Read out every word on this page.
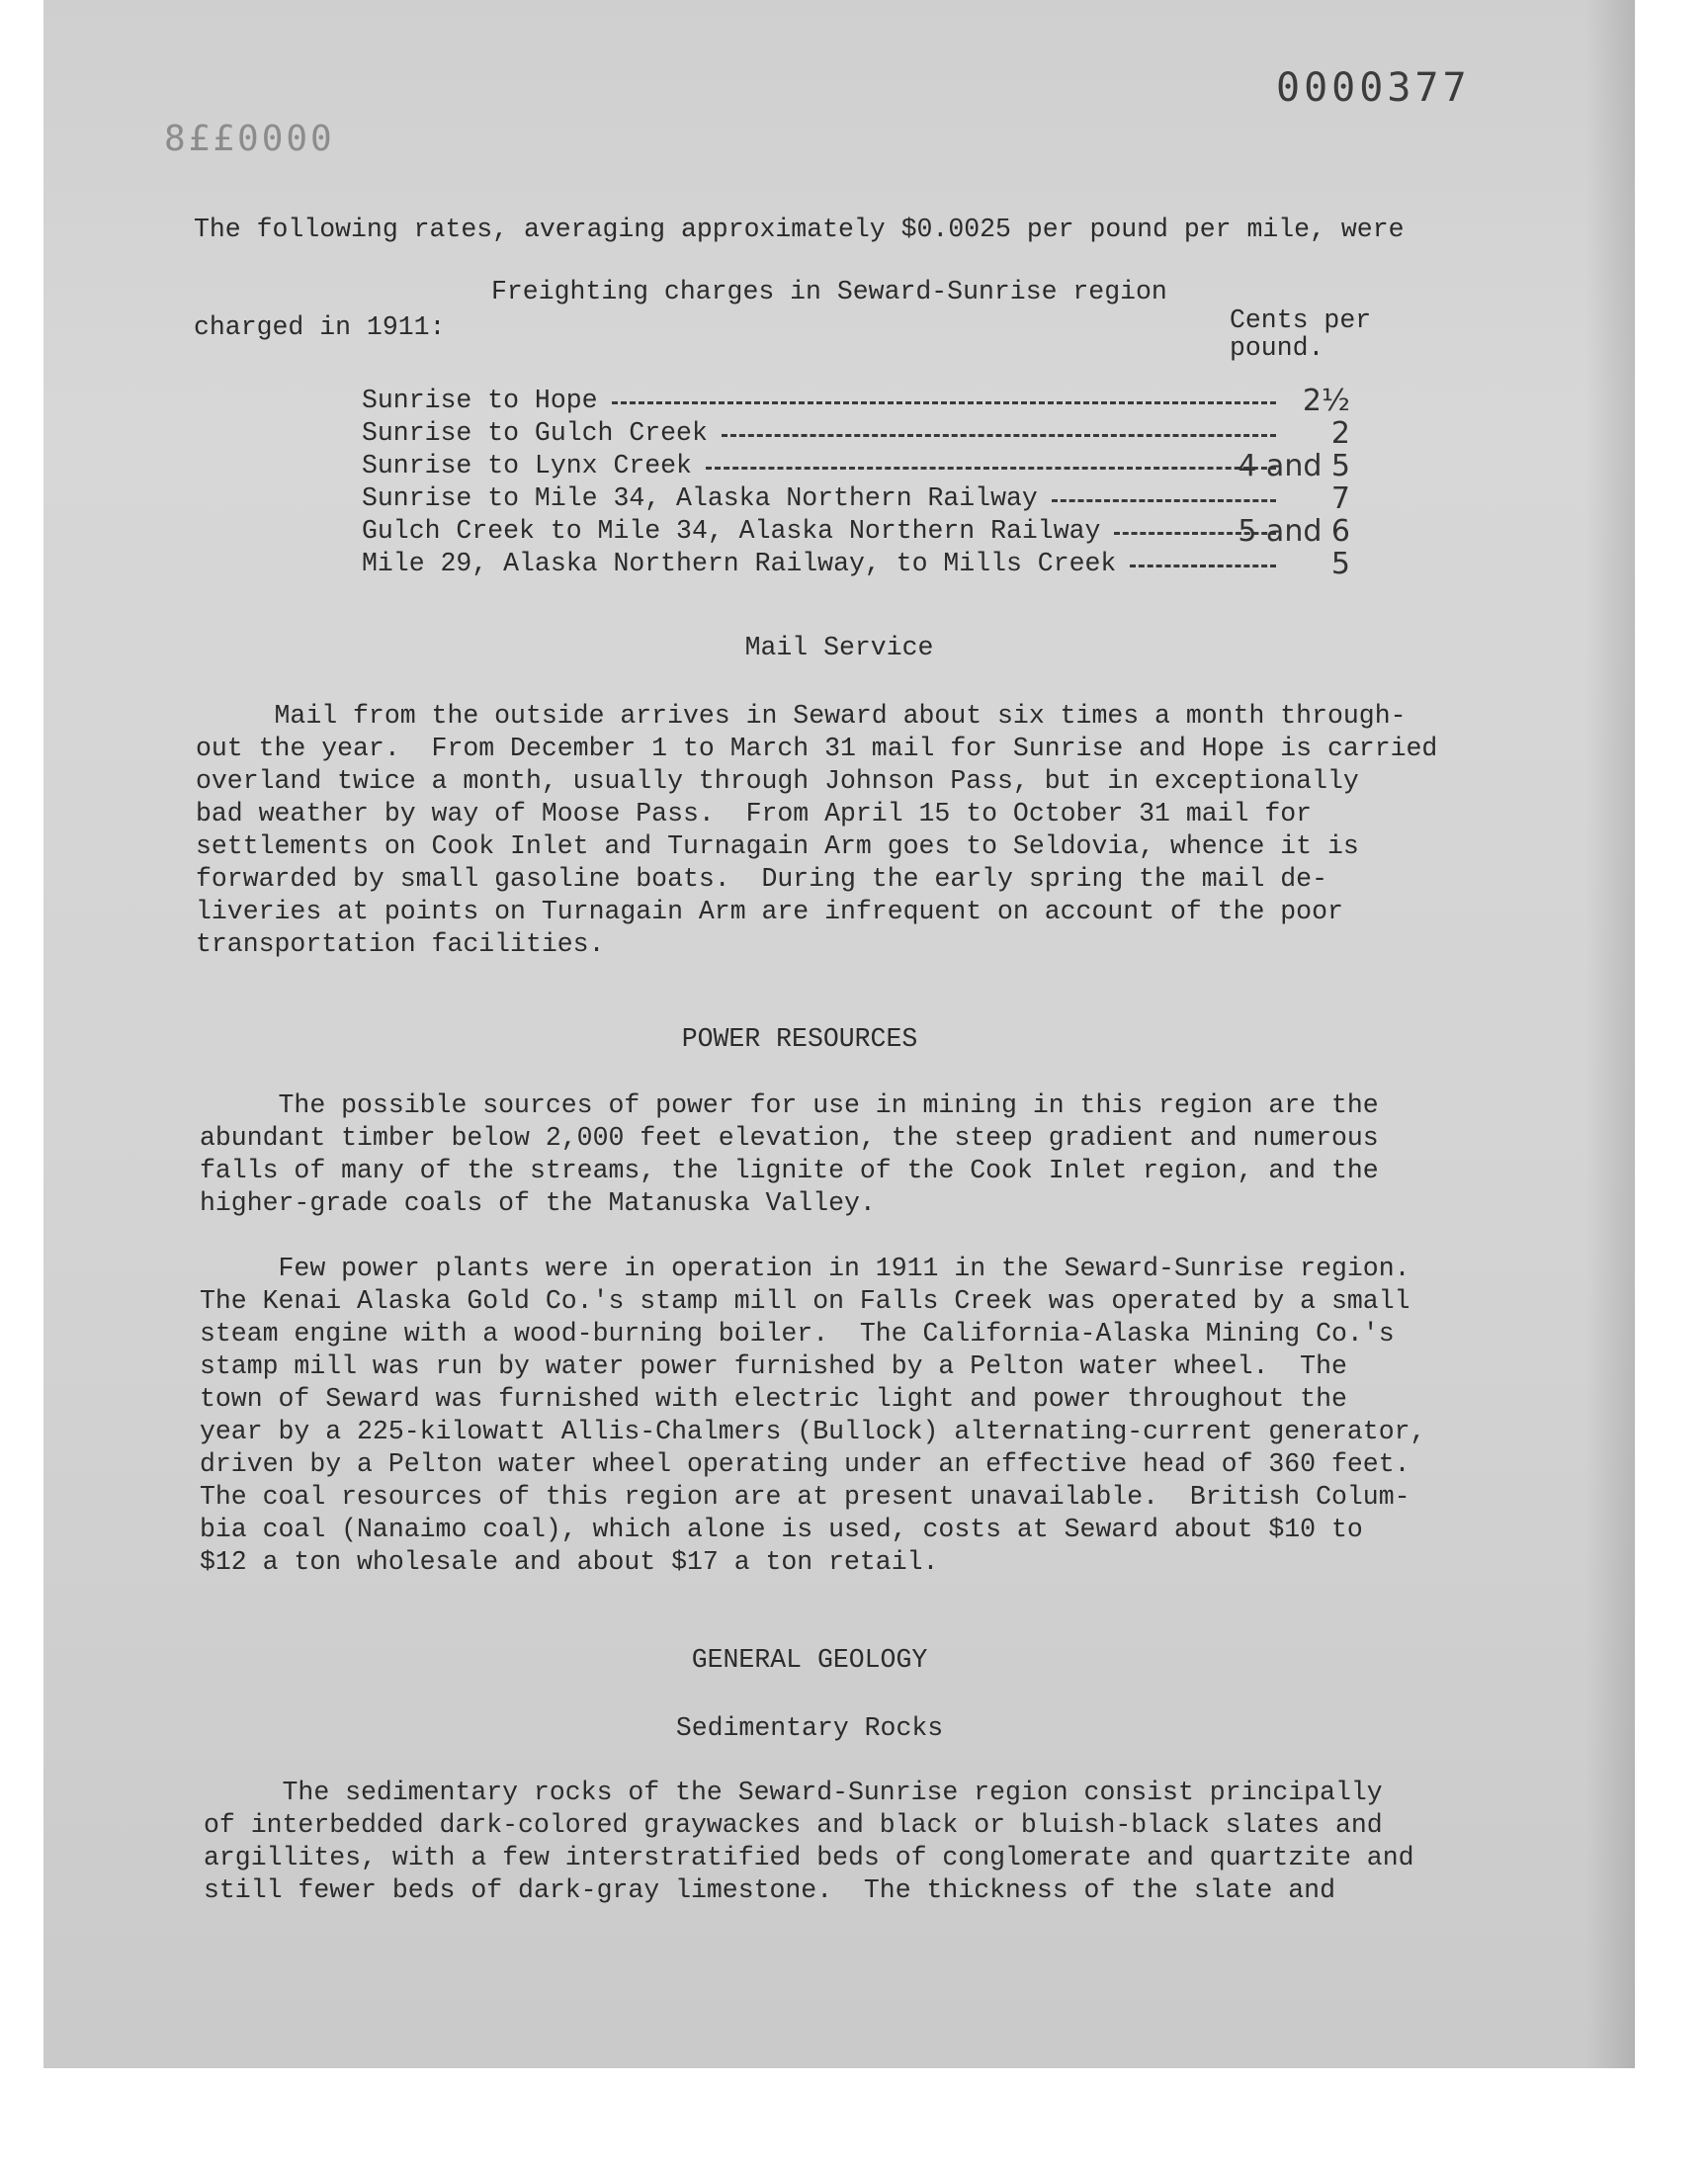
0000377
8££0000

The following rates, averaging approximately $0.0025 per pound per mile, were

charged in 1911:

Freighting charges in Seward-Sunrise region
Cents per
pound.
Sunrise to Hope	2½
Sunrise to Gulch Creek	2
Sunrise to Lynx Creek	4 and 5
Sunrise to Mile 34, Alaska Northern Railway	7
Gulch Creek to Mile 34, Alaska Northern Railway	5 and 6
Mile 29, Alaska Northern Railway, to Mills Creek	5
Mail Service
Mail from the outside arrives in Seward about six times a month through-
out the year.  From December 1 to March 31 mail for Sunrise and Hope is carried
overland twice a month, usually through Johnson Pass, but in exceptionally
bad weather by way of Moose Pass.  From April 15 to October 31 mail for
settlements on Cook Inlet and Turnagain Arm goes to Seldovia, whence it is
forwarded by small gasoline boats.  During the early spring the mail de-
liveries at points on Turnagain Arm are infrequent on account of the poor
transportation facilities.
POWER RESOURCES
The possible sources of power for use in mining in this region are the
abundant timber below 2,000 feet elevation, the steep gradient and numerous
falls of many of the streams, the lignite of the Cook Inlet region, and the
higher-grade coals of the Matanuska Valley.
Few power plants were in operation in 1911 in the Seward-Sunrise region.
The Kenai Alaska Gold Co.'s stamp mill on Falls Creek was operated by a small
steam engine with a wood-burning boiler.  The California-Alaska Mining Co.'s
stamp mill was run by water power furnished by a Pelton water wheel.  The
town of Seward was furnished with electric light and power throughout the
year by a 225-kilowatt Allis-Chalmers (Bullock) alternating-current generator,
driven by a Pelton water wheel operating under an effective head of 360 feet.
The coal resources of this region are at present unavailable.  British Colum-
bia coal (Nanaimo coal), which alone is used, costs at Seward about $10 to
$12 a ton wholesale and about $17 a ton retail.
GENERAL GEOLOGY
Sedimentary Rocks
The sedimentary rocks of the Seward-Sunrise region consist principally
of interbedded dark-colored graywackes and black or bluish-black slates and
argillites, with a few interstratified beds of conglomerate and quartzite and
still fewer beds of dark-gray limestone.  The thickness of the slate and
